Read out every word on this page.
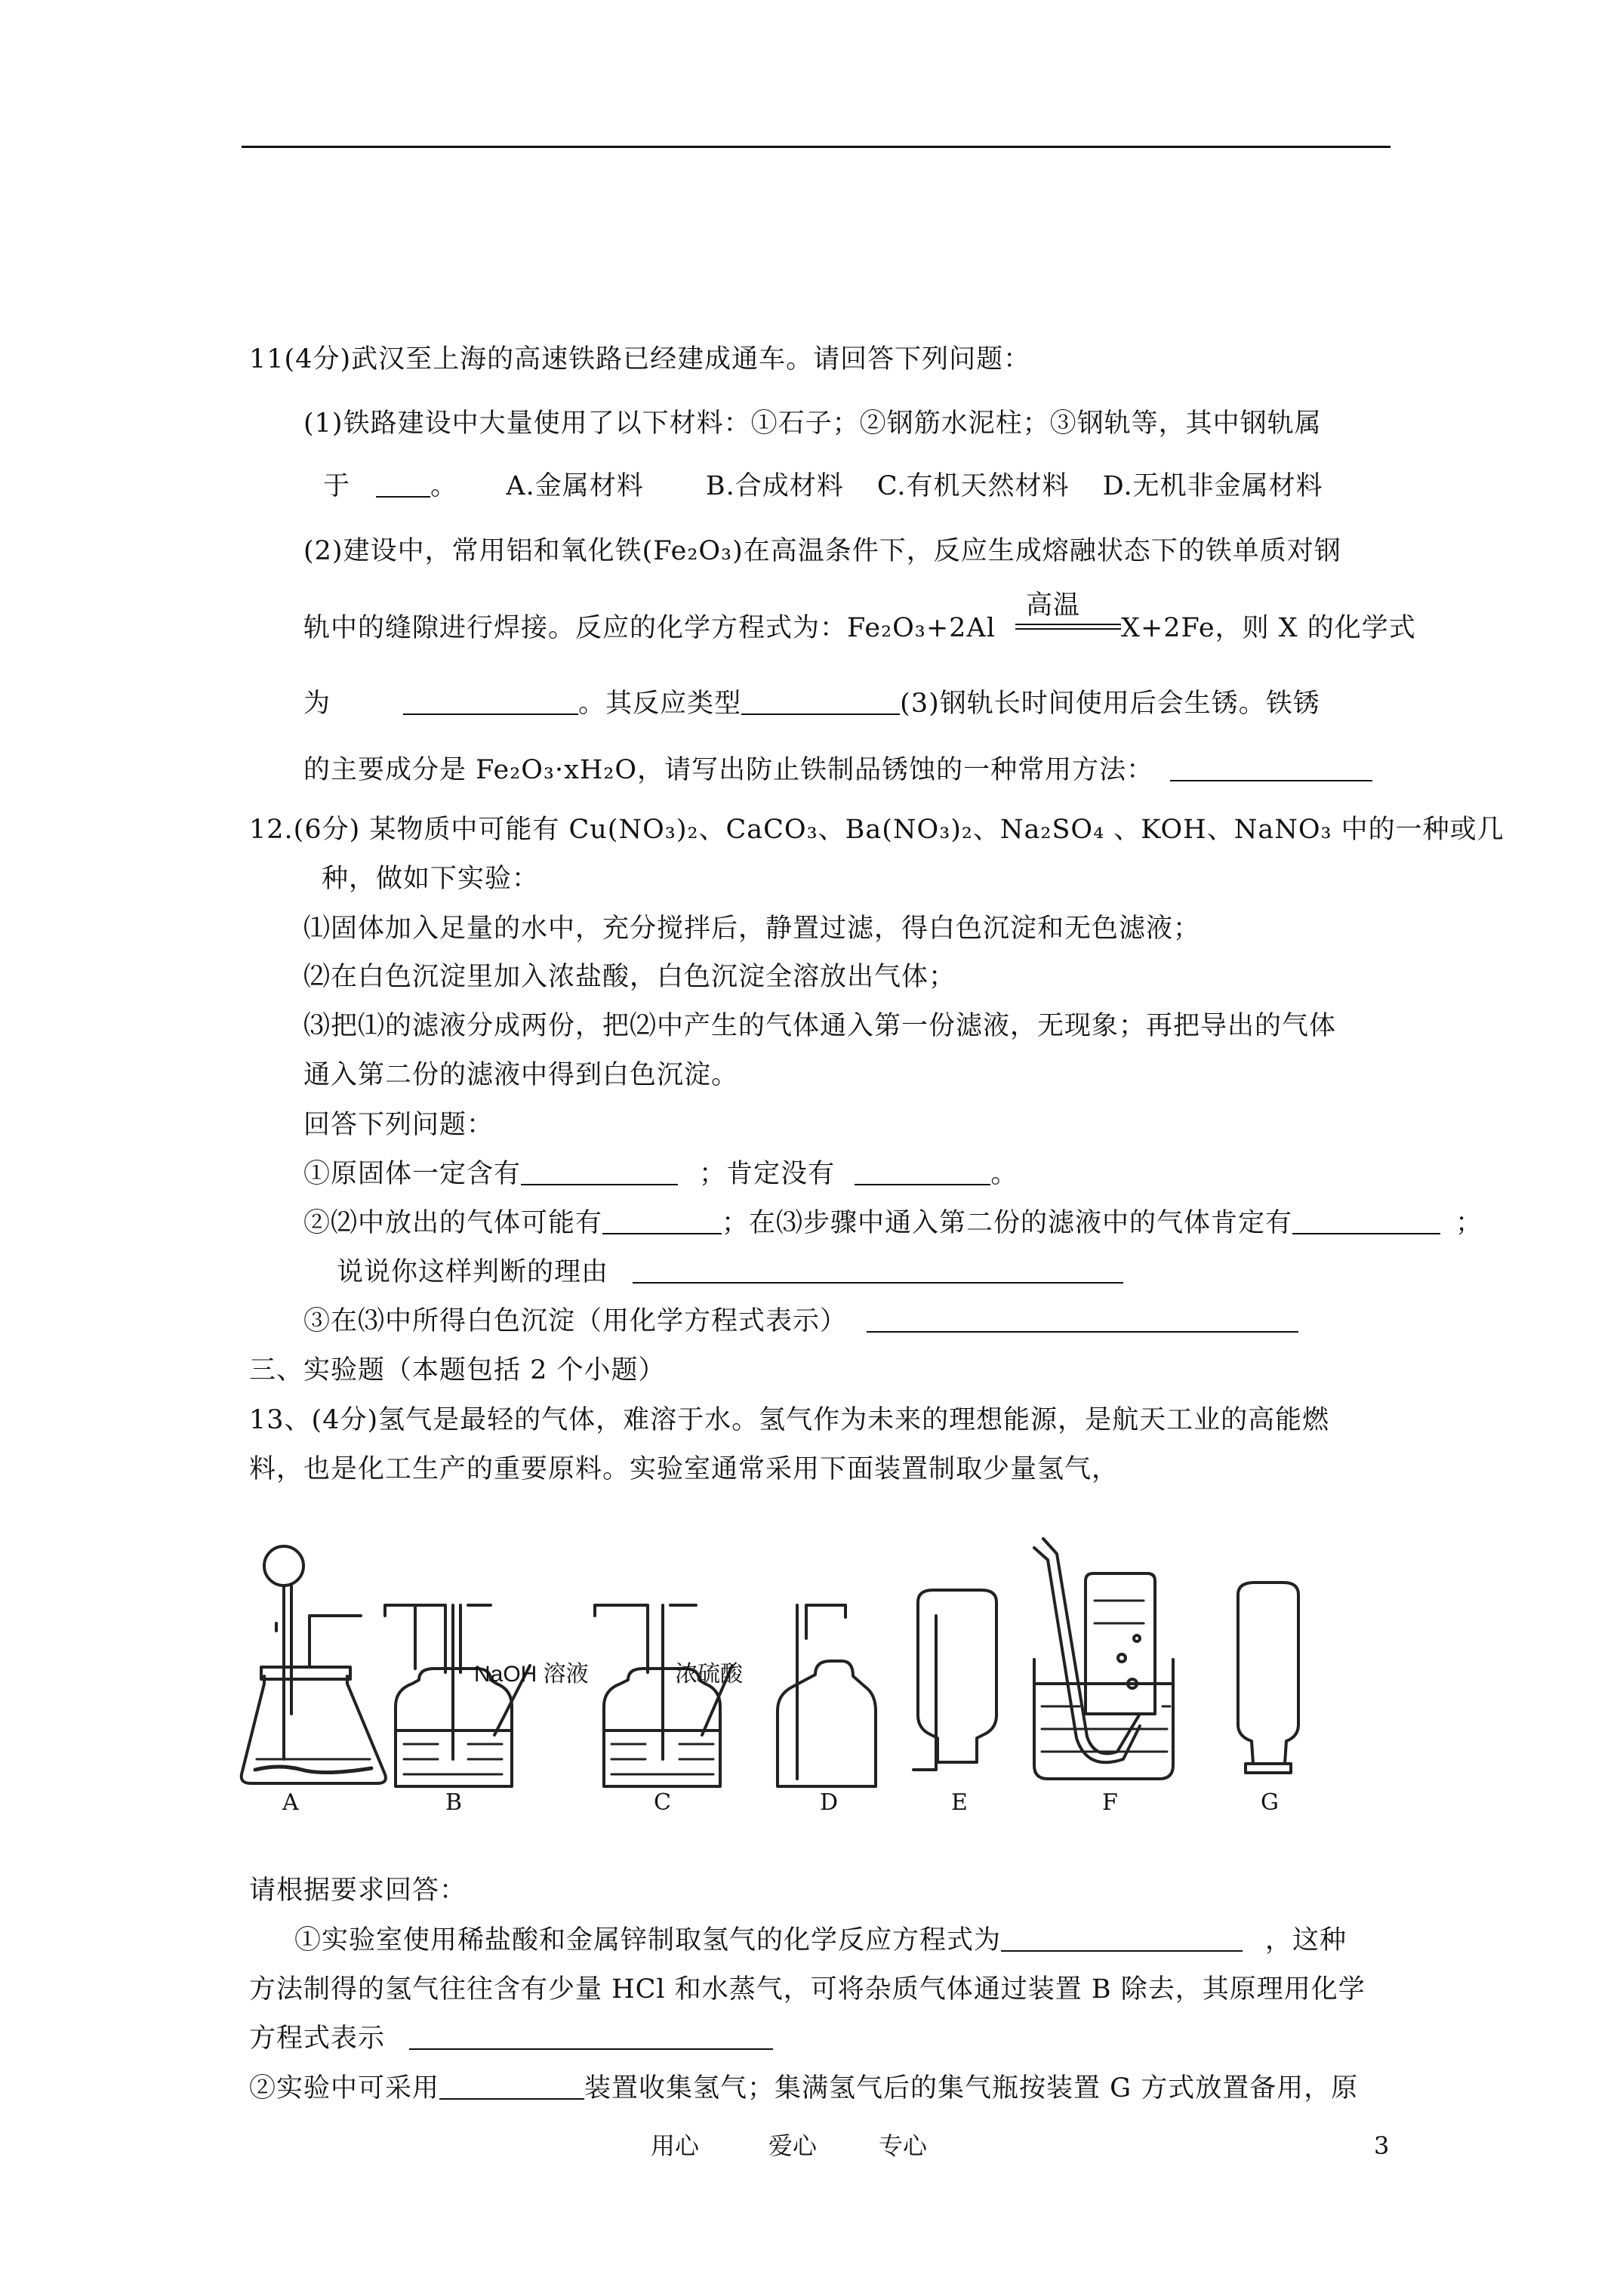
11(4分)武汉至上海的高速铁路已经建成通车。请回答下列问题：
(1)铁路建设中大量使用了以下材料：①石子；②钢筋水泥柱；③钢轨等，其中钢轨属
于	。 A.金属材料 B.合成材料 C.有机天然材料 D.无机非金属材料
(2)建设中，常用铝和氧化铁(Fe₂O₃)在高温条件下，反应生成熔融状态下的铁单质对钢
轨中的缝隙进行焊接。反应的化学方程式为：Fe₂O₃+2Al
高温
X+2Fe，则 X 的化学式
为	。其反应类型	(3)钢轨长时间使用后会生锈。铁锈
的主要成分是 Fe₂O₃·xH₂O，请写出防止铁制品锈蚀的一种常用方法：
12.(6分) 某物质中可能有 Cu(NO₃)₂、CaCO₃、Ba(NO₃)₂、Na₂SO₄ 、KOH、NaNO₃ 中的一种或几
种，做如下实验：
⑴固体加入足量的水中，充分搅拌后，静置过滤，得白色沉淀和无色滤液；
⑵在白色沉淀里加入浓盐酸，白色沉淀全溶放出气体；
⑶把⑴的滤液分成两份，把⑵中产生的气体通入第一份滤液，无现象；再把导出的气体
通入第二份的滤液中得到白色沉淀。
回答下列问题：
①原固体一定含有	；肯定没有	。
②⑵中放出的气体可能有	；在⑶步骤中通入第二份的滤液中的气体肯定有	；
说说你这样判断的理由
③在⑶中所得白色沉淀（用化学方程式表示）
三、实验题（本题包括 2 个小题）
13、(4分)氢气是最轻的气体，难溶于水。氢气作为未来的理想能源，是航天工业的高能燃
料，也是化工生产的重要原料。实验室通常采用下面装置制取少量氢气，
NaOH 溶液	浓硫酸
A	B	C	D	E	F	G
请根据要求回答：
①实验室使用稀盐酸和金属锌制取氢气的化学反应方程式为	，这种
方法制得的氢气往往含有少量 HCl 和水蒸气，可将杂质气体通过装置 B 除去，其原理用化学
方程式表示
②实验中可采用	装置收集氢气；集满氢气后的集气瓶按装置 G 方式放置备用，原
用心	爱心	专心	3
